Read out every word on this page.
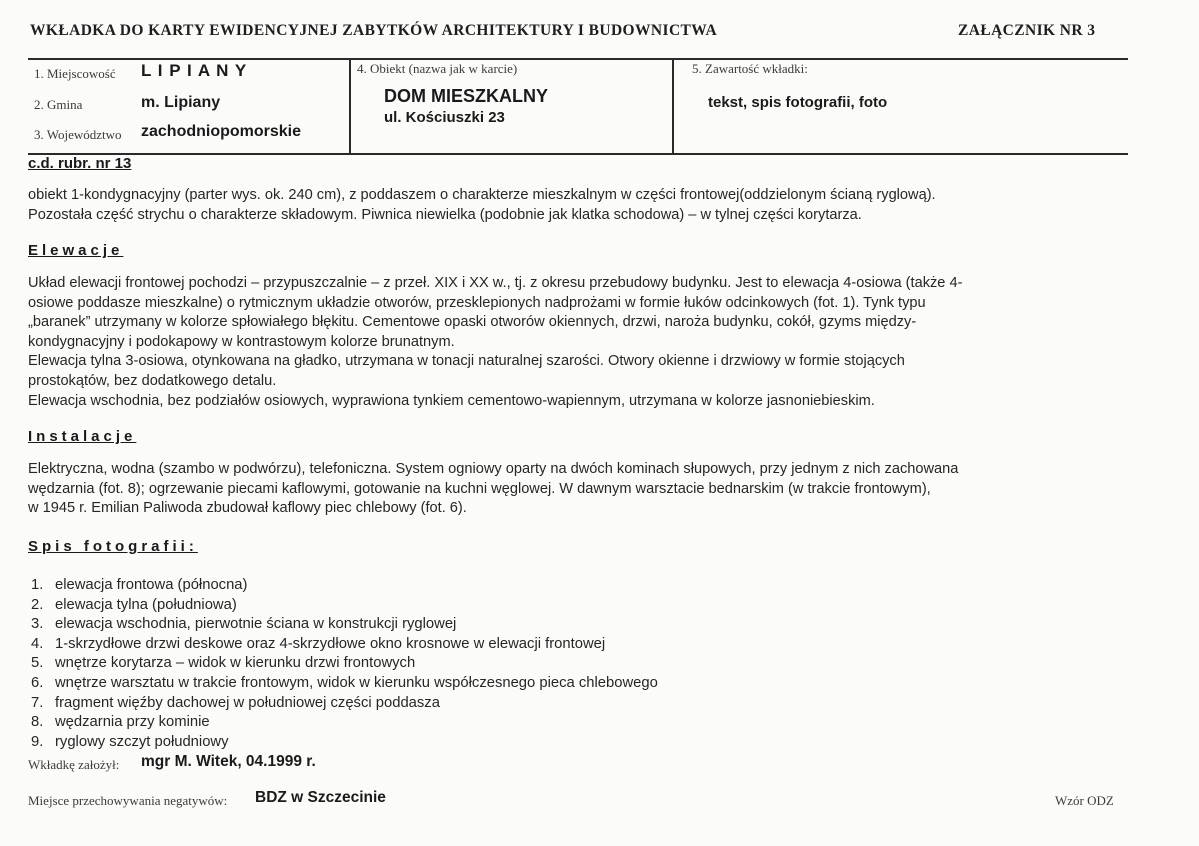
WKŁADKA DO KARTY EWIDENCYJNEJ ZABYTKÓW ARCHITEKTURY I BUDOWNICTWA	ZAŁĄCZNIK NR 3
1. Miejscowość L I P I A N Y
2. Gmina	m. Lipiany
3. Województwo zachodniopomorskie
4. Obiekt (nazwa jak w karcie)
DOM MIESZKALNY
ul. Kościuszki 23
5. Zawartość wkładki:
tekst, spis fotografii, foto
c.d. rubr. nr 13
obiekt 1-kondygnacyjny (parter wys. ok. 240 cm), z poddaszem o charakterze mieszkalnym w części frontowej(oddzielonym ścianą ryglową).
Pozostała część strychu o charakterze składowym. Piwnica niewielka (podobnie jak klatka schodowa) – w tylnej części korytarza.
Elewacje
Układ elewacji frontowej pochodzi – przypuszczalnie – z przeł. XIX i XX w., tj. z okresu przebudowy budynku. Jest to elewacja 4-osiowa (także 4-
osiowe poddasze mieszkalne) o rytmicznym układzie otworów, przesklepionych nadprożami w formie łuków odcinkowych (fot. 1). Tynk typu
„baranek” utrzymany w kolorze spłowiałego błękitu. Cementowe opaski otworów okiennych, drzwi, naroża budynku, cokół, gzyms między-
kondygnacyjny i podokapowy w kontrastowym kolorze brunatnym.
Elewacja tylna 3-osiowa, otynkowana na gładko, utrzymana w tonacji naturalnej szarości. Otwory okienne i drzwiowy w formie stojących
prostokątów, bez dodatkowego detalu.
Elewacja wschodnia, bez podziałów osiowych, wyprawiona tynkiem cementowo-wapiennym, utrzymana w kolorze jasnoniebieskim.
Instalacje
Elektryczna, wodna (szambo w podwórzu), telefoniczna. System ogniowy oparty na dwóch kominach słupowych, przy jednym z nich zachowana
wędzarnia (fot. 8); ogrzewanie piecami kaflowymi, gotowanie na kuchni węglowej. W dawnym warsztacie bednarskim (w trakcie frontowym),
w 1945 r. Emilian Paliwoda zbudował kaflowy piec chlebowy (fot. 6).
Spis fotografii:
1. elewacja frontowa (północna)
2. elewacja tylna (południowa)
3. elewacja wschodnia, pierwotnie ściana w konstrukcji ryglowej
4. 1-skrzydłowe drzwi deskowe oraz 4-skrzydłowe okno krosnowe w elewacji frontowej
5. wnętrze korytarza – widok w kierunku drzwi frontowych
6. wnętrze warsztatu w trakcie frontowym, widok w kierunku współczesnego pieca chlebowego
7. fragment więźby dachowej w południowej części poddasza
8. wędzarnia przy kominie
9. ryglowy szczyt południowy
Wkładkę założył: mgr M. Witek, 04.1999 r.
Miejsce przechowywania negatywów: BDZ w Szczecinie	Wzór ODZ
